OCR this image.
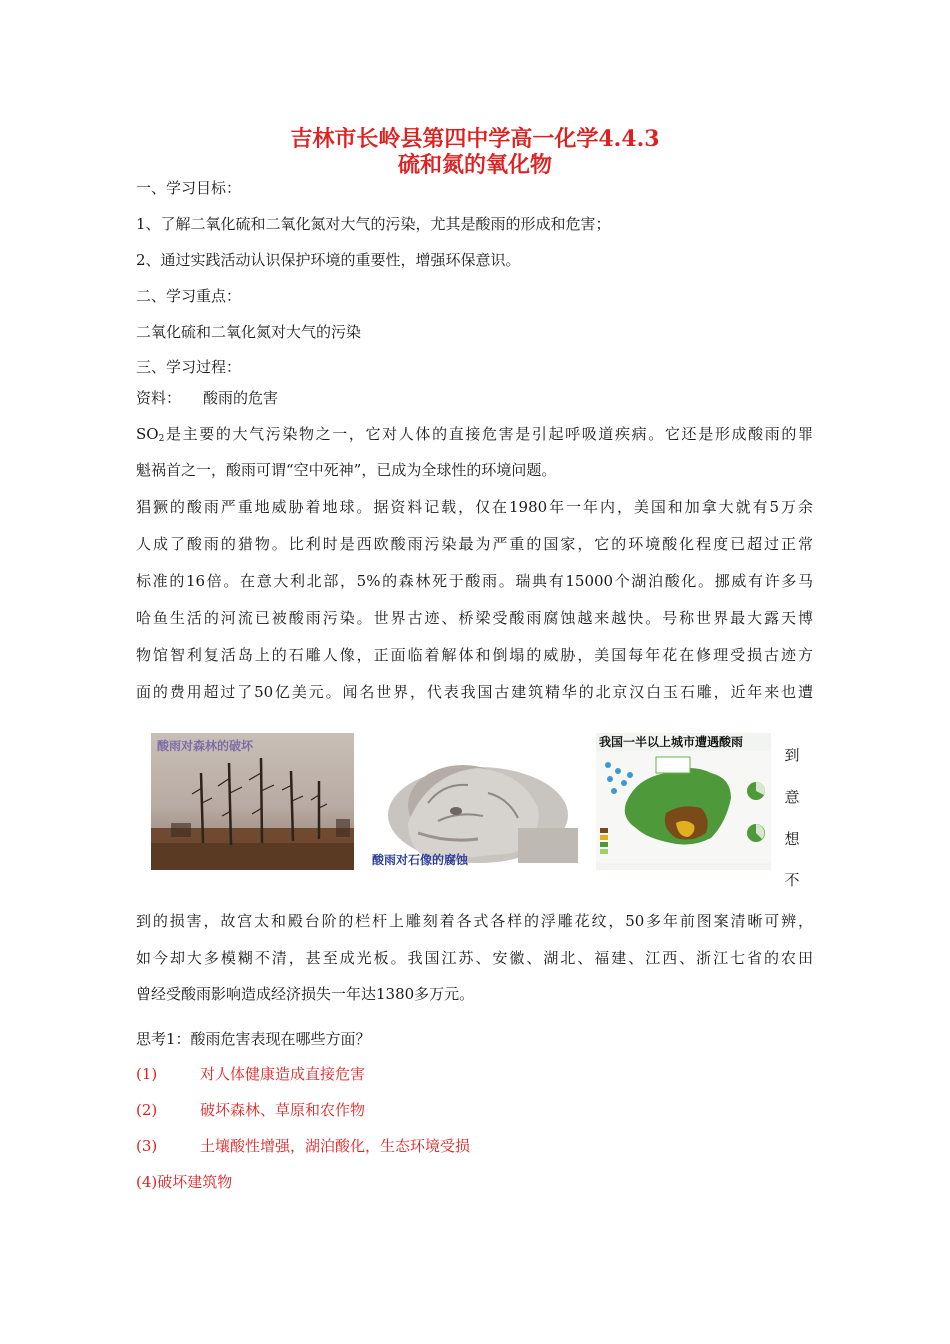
吉林市长岭县第四中学高一化学4.4.3
硫和氮的氧化物
一、学习目标：
1、了解二氧化硫和二氧化氮对大气的污染，尤其是酸雨的形成和危害；
2、通过实践活动认识保护环境的重要性，增强环保意识。
二、学习重点：
二氧化硫和二氧化氮对大气的污染
三、学习过程：
资料： 酸雨的危害
$SO_2$是主要的大气污染物之一，它对人体的直接危害是引起呼吸道疾病。它还是形成酸雨的罪
魁祸首之一，酸雨可谓“空中死神”，已成为全球性的环境问题。
猖獗的酸雨严重地威胁着地球。据资料记载，仅在1980年一年内，美国和加拿大就有5万余
人成了酸雨的猎物。比利时是西欧酸雨污染最为严重的国家，它的环境酸化程度已超过正常
标准的16倍。在意大利北部，5%的森林死于酸雨。瑞典有15000个湖泊酸化。挪威有许多马
哈鱼生活的河流已被酸雨污染。世界古迹、桥梁受酸雨腐蚀越来越快。号称世界最大露天博
物馆智利复活岛上的石雕人像，正面临着解体和倒塌的威胁，美国每年花在修理受损古迹方
面的费用超过了50亿美元。闻名世界，代表我国古建筑精华的北京汉白玉石雕，近年来也遭
酸雨对森林的破坏
酸雨对石像的腐蚀
我国一半以上城市遭遇酸雨
到
意
想
不
到的损害，故宫太和殿台阶的栏杆上雕刻着各式各样的浮雕花纹，50多年前图案清晰可辨，
如今却大多模糊不清，甚至成光板。我国江苏、安徽、湖北、福建、江西、浙江七省的农田
曾经受酸雨影响造成经济损失一年达1380多万元。
思考1：酸雨危害表现在哪些方面？
(1)	对人体健康造成直接危害
(2)	破坏森林、草原和农作物
(3)	土壤酸性增强，湖泊酸化，生态环境受损
(4)破坏建筑物
